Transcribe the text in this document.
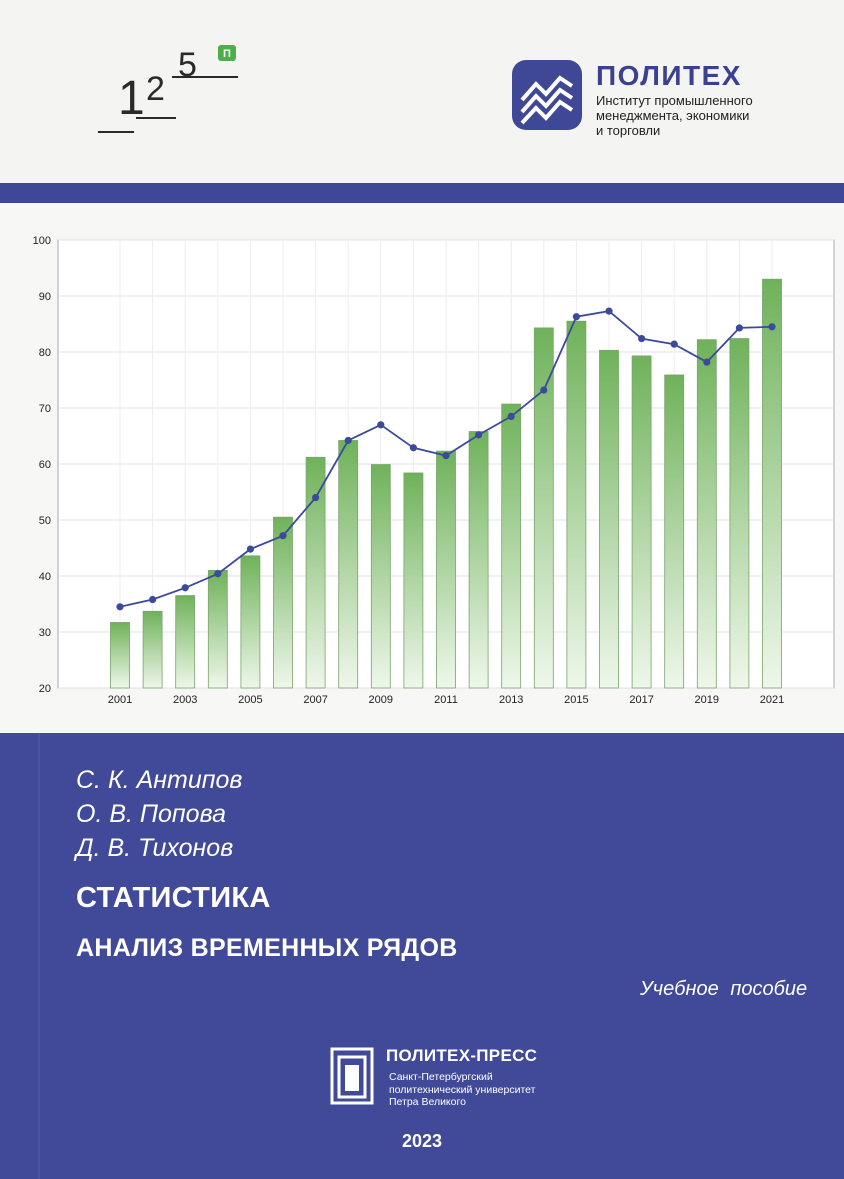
1 2
5 П
ПОЛИТЕХ
Институт промышленного
менеджмента, экономики
и торговли
20
30
40
50
60
70
80
90
100
2001	2003	2005	2007	2009	2011	2013	2015	2017	2019	2021
С. К. Антипов
О. В. Попова
Д. В. Тихонов
СТАТИСТИКА
АНАЛИЗ ВРЕМЕННЫХ РЯДОВ
Учебное пособие
ПОЛИТЕХ-ПРЕСС
Санкт-Петербургский
политехнический университет
Петра Великого
2023
